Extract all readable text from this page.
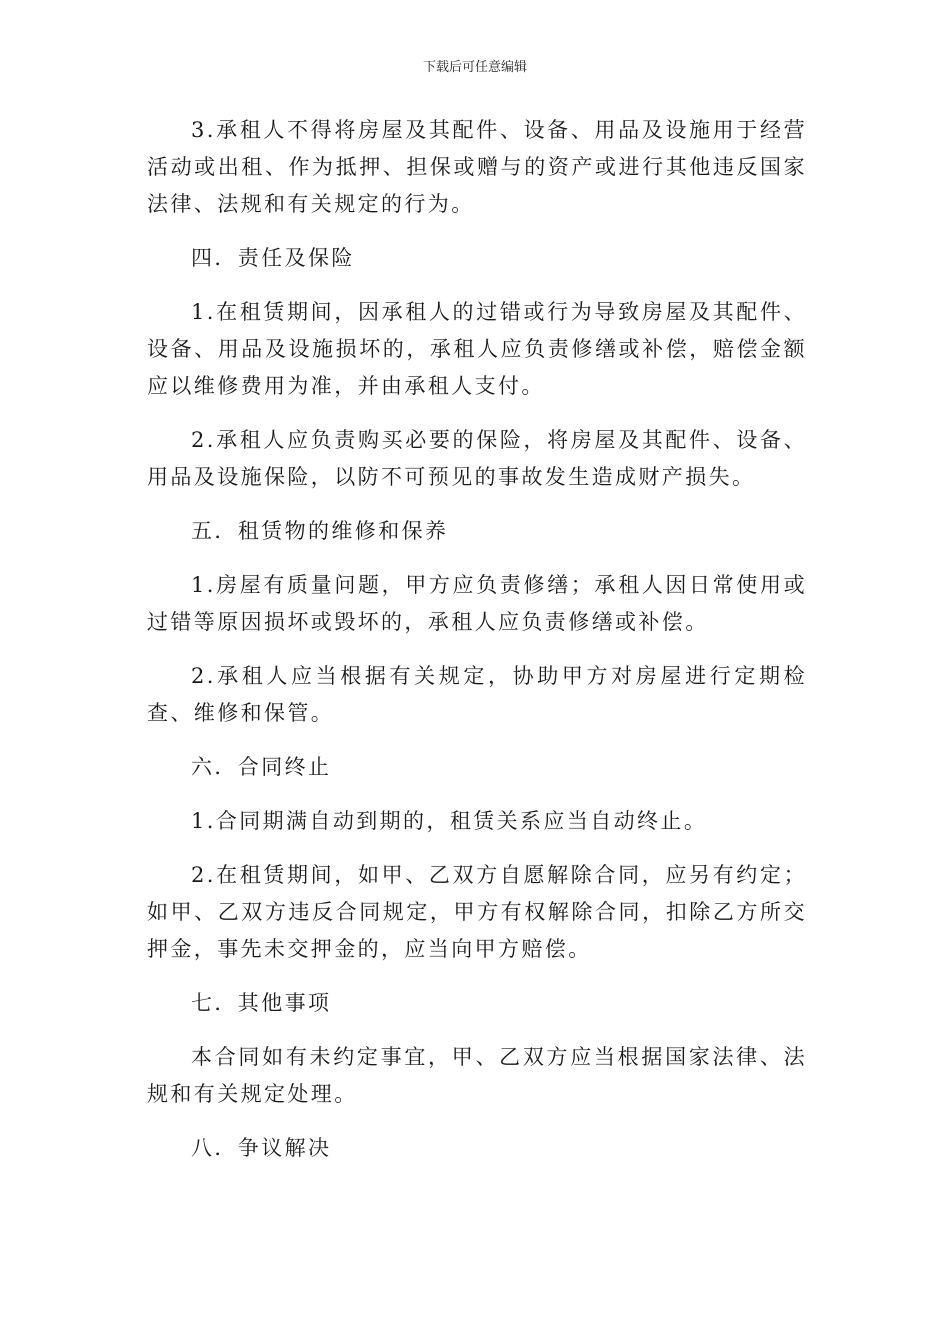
下载后可任意编辑

3.承租人不得将房屋及其配件、设备、用品及设施用于经营活动或出租、作为抵押、担保或赠与的资产或进行其他违反国家法律、法规和有关规定的行为。

四．责任及保险

1.在租赁期间，因承租人的过错或行为导致房屋及其配件、设备、用品及设施损坏的，承租人应负责修缮或补偿，赔偿金额应以维修费用为准，并由承租人支付。

2.承租人应负责购买必要的保险，将房屋及其配件、设备、用品及设施保险，以防不可预见的事故发生造成财产损失。

五．租赁物的维修和保养

1.房屋有质量问题，甲方应负责修缮；承租人因日常使用或过错等原因损坏或毁坏的，承租人应负责修缮或补偿。

2.承租人应当根据有关规定，协助甲方对房屋进行定期检查、维修和保管。

六．合同终止

1.合同期满自动到期的，租赁关系应当自动终止。

2.在租赁期间，如甲、乙双方自愿解除合同，应另有约定；如甲、乙双方违反合同规定，甲方有权解除合同，扣除乙方所交押金，事先未交押金的，应当向甲方赔偿。

七．其他事项

本合同如有未约定事宜，甲、乙双方应当根据国家法律、法规和有关规定处理。

八．争议解决
